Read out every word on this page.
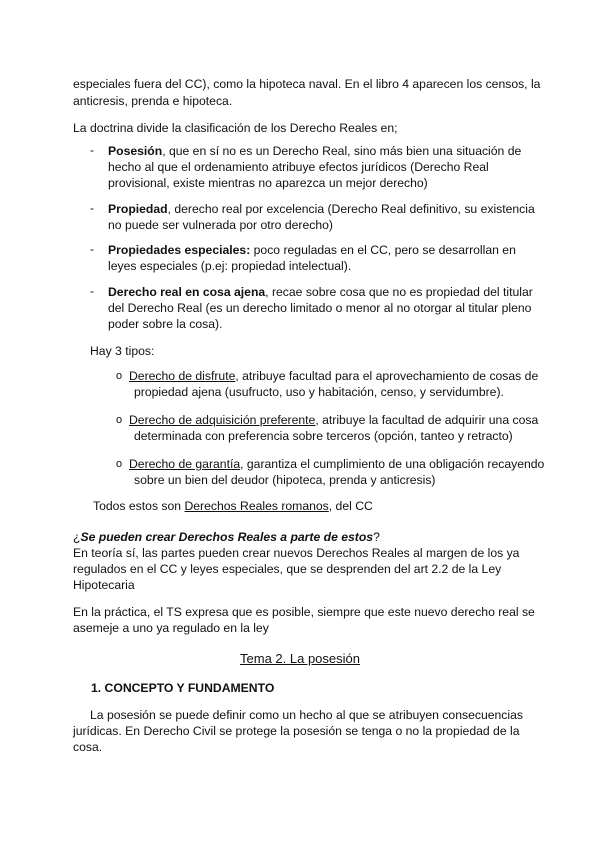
especiales fuera del CC), como la hipoteca naval. En el libro 4 aparecen los censos, la
anticresis, prenda e hipoteca.
La doctrina divide la clasificación de los Derecho Reales en;
- Posesión, que en sí no es un Derecho Real, sino más bien una situación de
hecho al que el ordenamiento atribuye efectos jurídicos (Derecho Real
provisional, existe mientras no aparezca un mejor derecho)
- Propiedad, derecho real por excelencia (Derecho Real definitivo, su existencia
no puede ser vulnerada por otro derecho)
- Propiedades especiales: poco reguladas en el CC, pero se desarrollan en
leyes especiales (p.ej: propiedad intelectual).
- Derecho real en cosa ajena, recae sobre cosa que no es propiedad del titular
del Derecho Real (es un derecho limitado o menor al no otorgar al titular pleno
poder sobre la cosa).
Hay 3 tipos:
o Derecho de disfrute, atribuye facultad para el aprovechamiento de cosas de
propiedad ajena (usufructo, uso y habitación, censo, y servidumbre).
o Derecho de adquisición preferente, atribuye la facultad de adquirir una cosa
determinada con preferencia sobre terceros (opción, tanteo y retracto)
o Derecho de garantía, garantiza el cumplimiento de una obligación recayendo
sobre un bien del deudor (hipoteca, prenda y anticresis)
Todos estos son Derechos Reales romanos, del CC
¿Se pueden crear Derechos Reales a parte de estos?
En teoría sí, las partes pueden crear nuevos Derechos Reales al margen de los ya
regulados en el CC y leyes especiales, que se desprenden del art 2.2 de la Ley
Hipotecaria
En la práctica, el TS expresa que es posible, siempre que este nuevo derecho real se
asemeje a uno ya regulado en la ley
Tema 2. La posesión
1. CONCEPTO Y FUNDAMENTO
La posesión se puede definir como un hecho al que se atribuyen consecuencias
jurídicas. En Derecho Civil se protege la posesión se tenga o no la propiedad de la
cosa.
